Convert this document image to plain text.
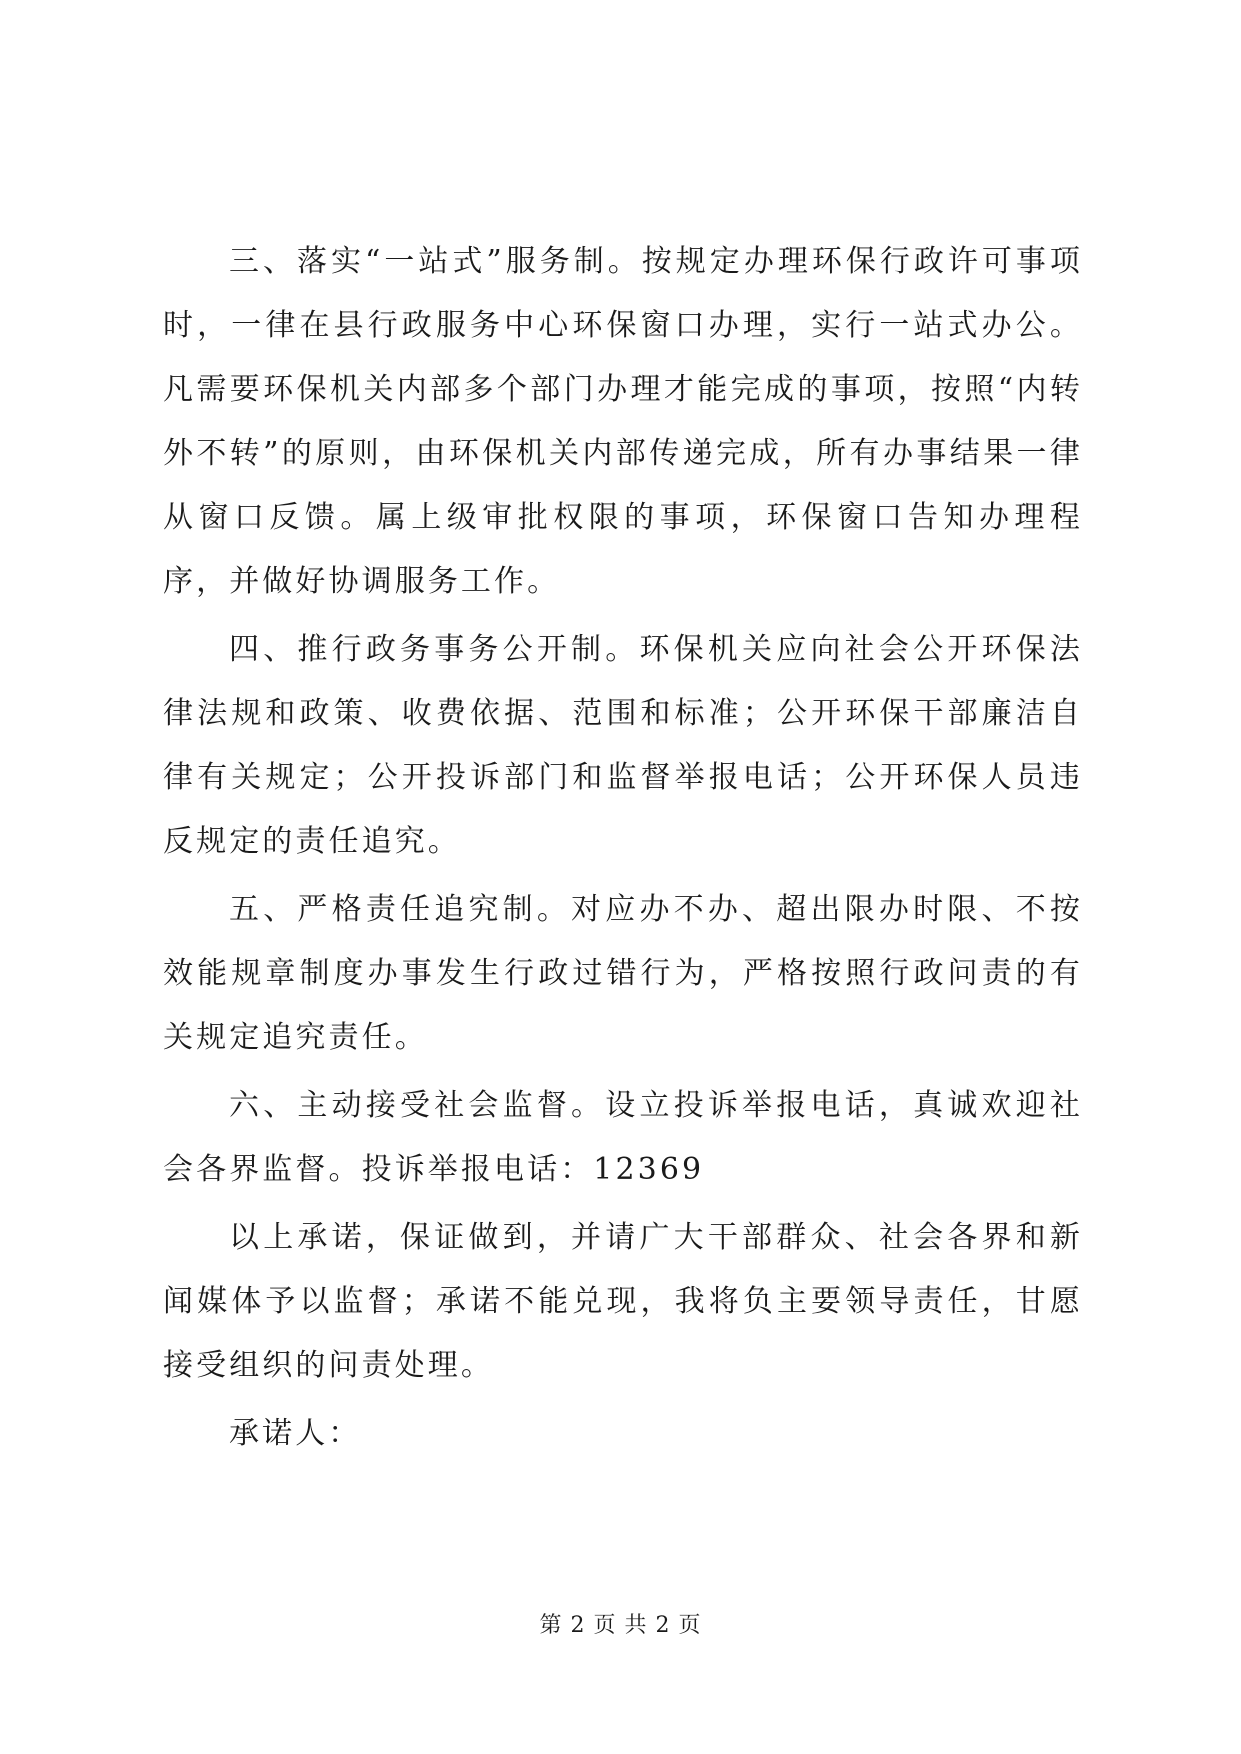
三、落实“一站式”服务制。按规定办理环保行政许可事项时，一律在县行政服务中心环保窗口办理，实行一站式办公。凡需要环保机关内部多个部门办理才能完成的事项，按照“内转外不转”的原则，由环保机关内部传递完成，所有办事结果一律从窗口反馈。属上级审批权限的事项，环保窗口告知办理程序，并做好协调服务工作。

四、推行政务事务公开制。环保机关应向社会公开环保法律法规和政策、收费依据、范围和标准；公开环保干部廉洁自律有关规定；公开投诉部门和监督举报电话；公开环保人员违反规定的责任追究。

五、严格责任追究制。对应办不办、超出限办时限、不按效能规章制度办事发生行政过错行为，严格按照行政问责的有关规定追究责任。

六、主动接受社会监督。设立投诉举报电话，真诚欢迎社会各界监督。投诉举报电话：12369

以上承诺，保证做到，并请广大干部群众、社会各界和新闻媒体予以监督；承诺不能兑现，我将负主要领导责任，甘愿接受组织的问责处理。

承诺人：

第 2 页 共 2 页
